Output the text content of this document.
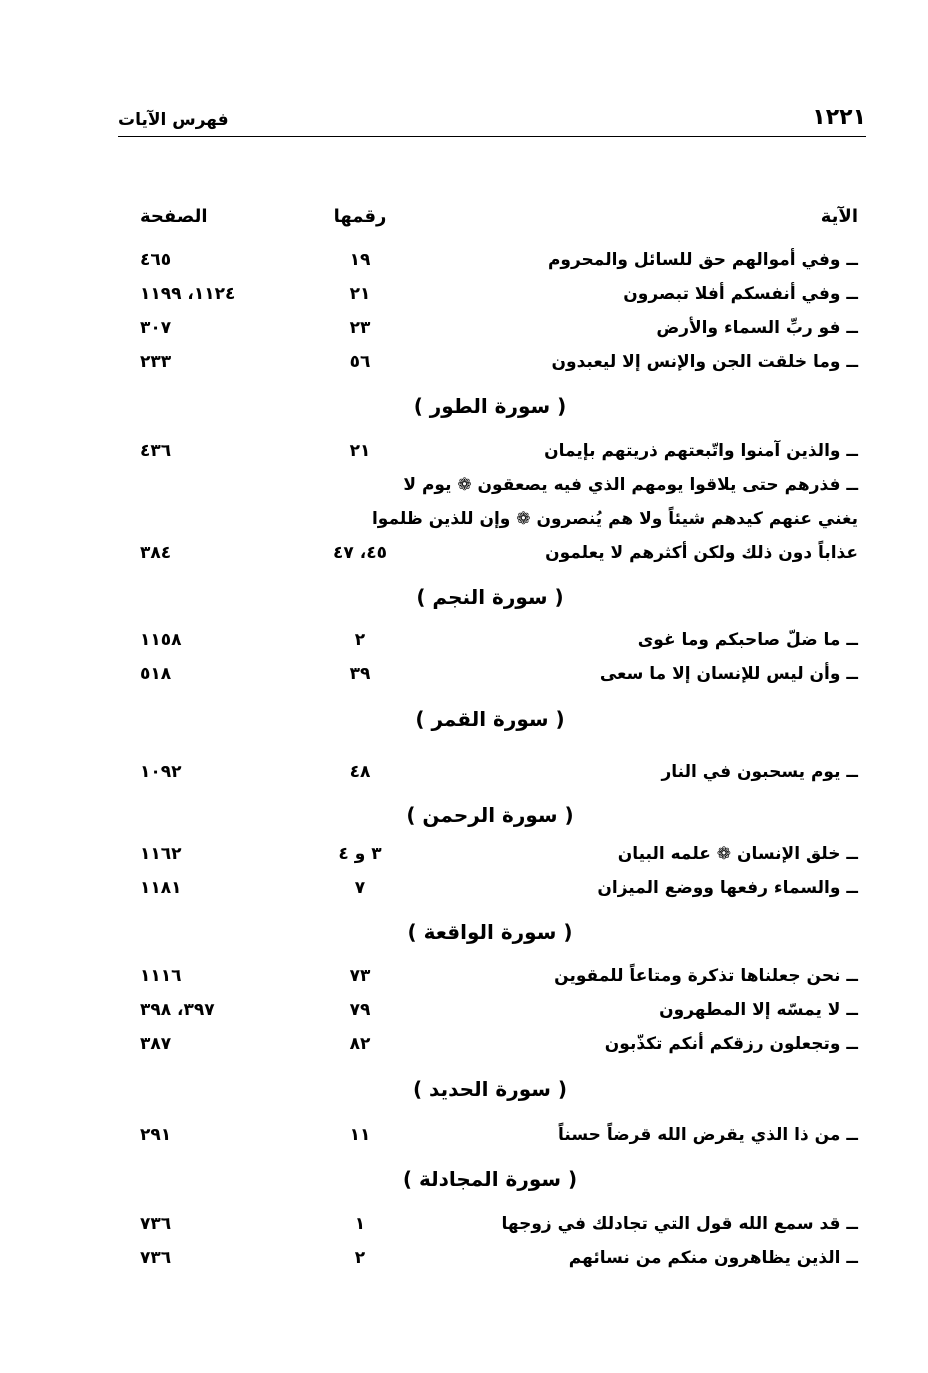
١٢٢١
فهرس الآيات
الآية
رقمها
الصفحة
ــ وفي أموالهم حق للسائل والمحروم
١٩
٤٦٥
ــ وفي أنفسكم أفلا تبصرون
٢١
١١٢٤، ١١٩٩
ــ فو ربِّ السماء والأرض
٢٣
٣٠٧
ــ وما خلقت الجن والإنس إلا ليعبدون
٥٦
٢٣٣
( سورة الطور )
ــ والذين آمنوا واتّبعتهم ذريتهم بإيمان
٢١
٤٣٦
ــ فذرهم حتى يلاقوا يومهم الذي فيه يصعقون ❁ يوم لا
يغني عنهم كيدهم شيئاً ولا هم يُنصرون ❁ وإن للذين ظلموا
عذاباً دون ذلك ولكن أكثرهم لا يعلمون
٤٥، ٤٧
٣٨٤
( سورة النجم )
ــ ما ضلّ صاحبكم وما غوى
٢
١١٥٨
ــ وأن ليس للإنسان إلا ما سعى
٣٩
٥١٨
( سورة القمر )
ــ يوم يسحبون في النار
٤٨
١٠٩٢
( سورة الرحمن )
ــ خلق الإنسان ❁ علمه البيان
٣ و ٤
١١٦٢
ــ والسماء رفعها ووضع الميزان
٧
١١٨١
( سورة الواقعة )
ــ نحن جعلناها تذكرة ومتاعاً للمقوين
٧٣
١١١٦
ــ لا يمسّه إلا المطهرون
٧٩
٣٩٧، ٣٩٨
ــ وتجعلون رزقكم أنكم تكذّبون
٨٢
٣٨٧
( سورة الحديد )
ــ من ذا الذي يقرض الله قرضاً حسناً
١١
٢٩١
( سورة المجادلة )
ــ قد سمع الله قول التي تجادلك في زوجها
١
٧٣٦
ــ الذين يظاهرون منكم من نسائهم
٢
٧٣٦
